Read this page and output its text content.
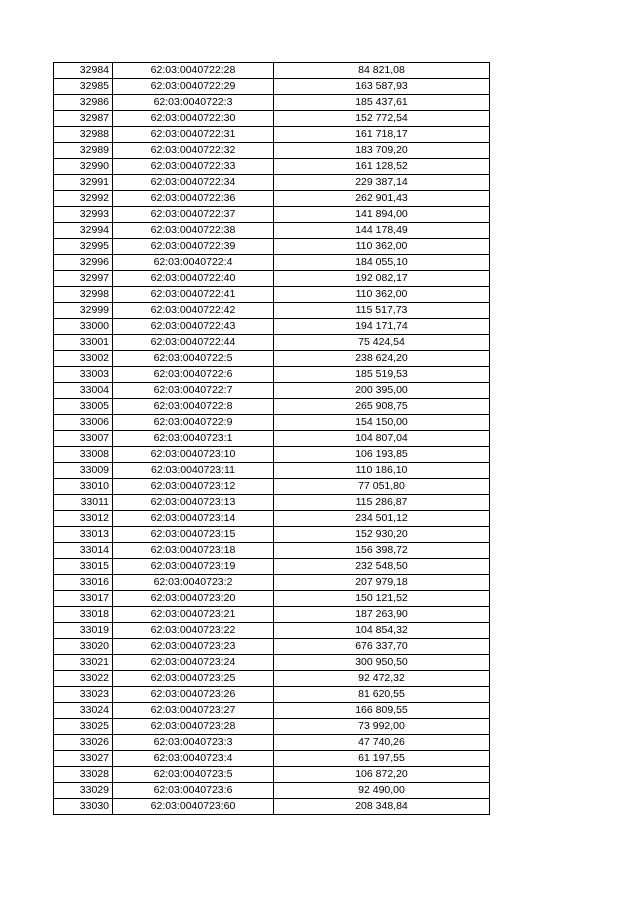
32984	62:03:0040722:28	84 821,08
32985	62:03:0040722:29	163 587,93
32986	62:03:0040722:3	185 437,61
32987	62:03:0040722:30	152 772,54
32988	62:03:0040722:31	161 718,17
32989	62:03:0040722:32	183 709,20
32990	62:03:0040722:33	161 128,52
32991	62:03:0040722:34	229 387,14
32992	62:03:0040722:36	262 901,43
32993	62:03:0040722:37	141 894,00
32994	62:03:0040722:38	144 178,49
32995	62:03:0040722:39	110 362,00
32996	62:03:0040722:4	184 055,10
32997	62:03:0040722:40	192 082,17
32998	62:03:0040722:41	110 362,00
32999	62:03:0040722:42	115 517,73
33000	62:03:0040722:43	194 171,74
33001	62:03:0040722:44	75 424,54
33002	62:03:0040722:5	238 624,20
33003	62:03:0040722:6	185 519,53
33004	62:03:0040722:7	200 395,00
33005	62:03:0040722:8	265 908,75
33006	62:03:0040722:9	154 150,00
33007	62:03:0040723:1	104 807,04
33008	62:03:0040723:10	106 193,85
33009	62:03:0040723:11	110 186,10
33010	62:03:0040723:12	77 051,80
33011	62:03:0040723:13	115 286,87
33012	62:03:0040723:14	234 501,12
33013	62:03:0040723:15	152 930,20
33014	62:03:0040723:18	156 398,72
33015	62:03:0040723:19	232 548,50
33016	62:03:0040723:2	207 979,18
33017	62:03:0040723:20	150 121,52
33018	62:03:0040723:21	187 263,90
33019	62:03:0040723:22	104 854,32
33020	62:03:0040723:23	676 337,70
33021	62:03:0040723:24	300 950,50
33022	62:03:0040723:25	92 472,32
33023	62:03:0040723:26	81 620,55
33024	62:03:0040723:27	166 809,55
33025	62:03:0040723:28	73 992,00
33026	62:03:0040723:3	47 740,26
33027	62:03:0040723:4	61 197,55
33028	62:03:0040723:5	106 872,20
33029	62:03:0040723:6	92 490,00
33030	62:03:0040723:60	208 348,84
